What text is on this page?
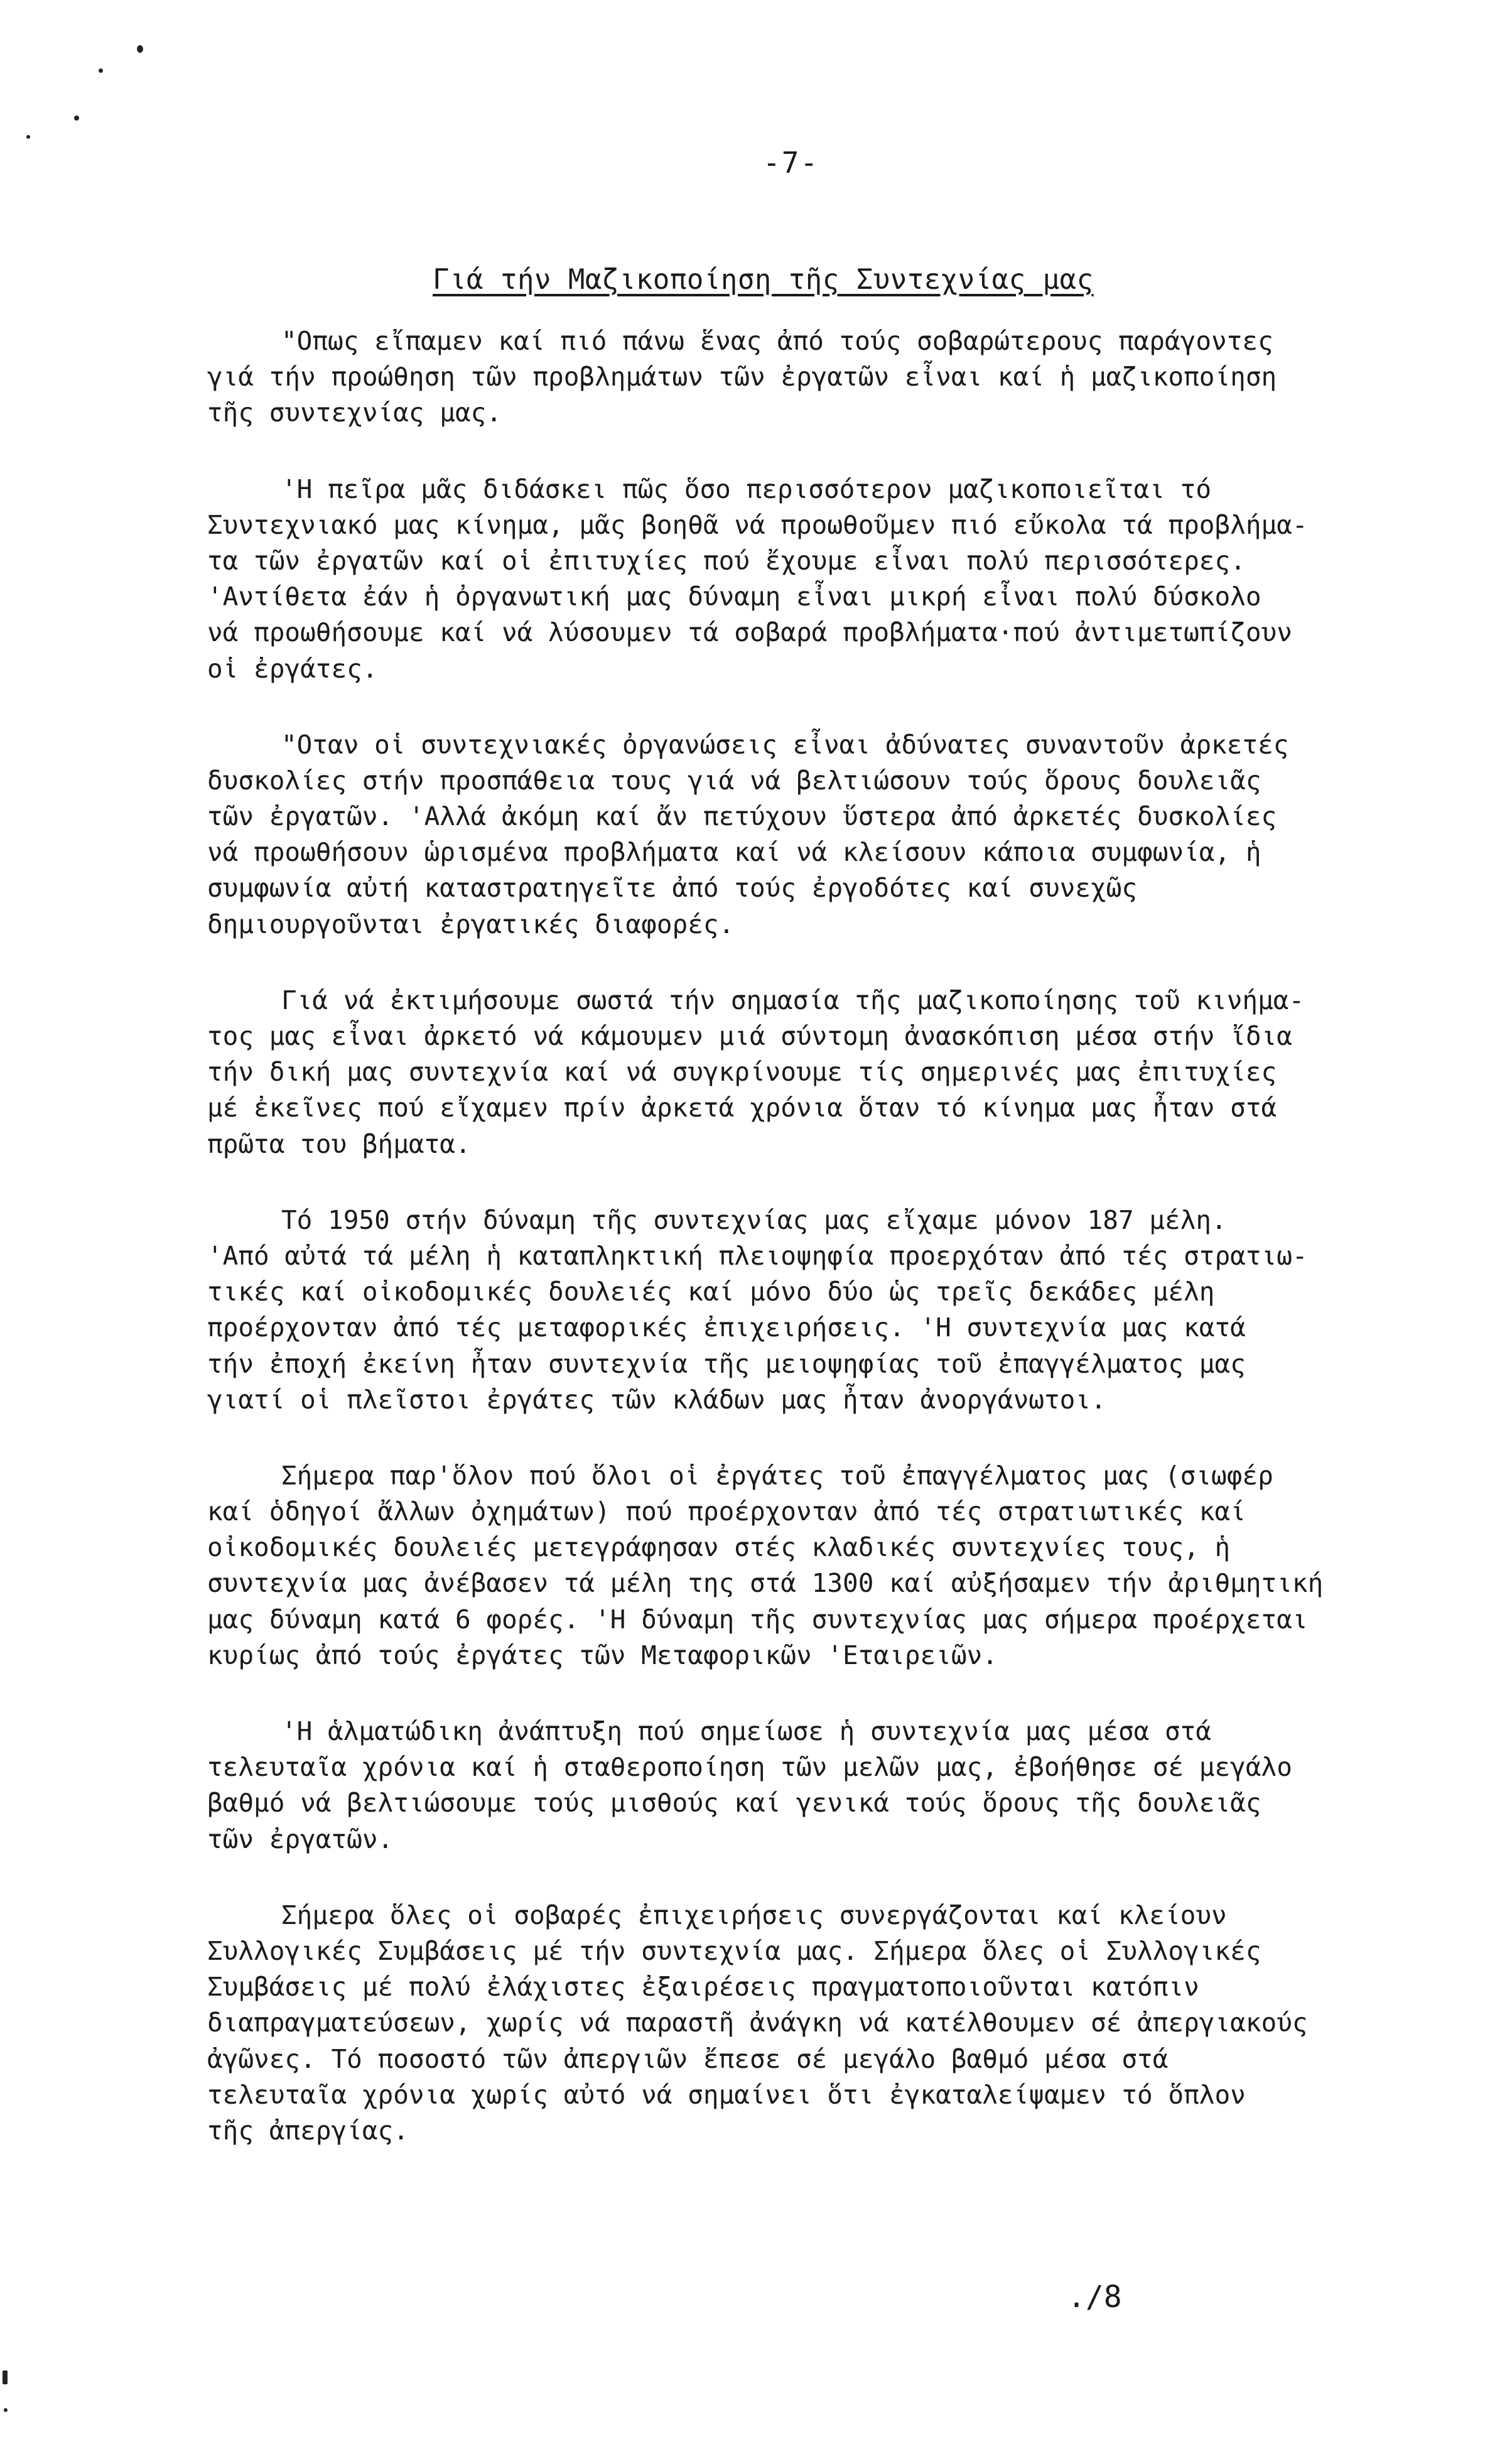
-7-
Γιά τήν Μαζικοποίηση τῆς Συντεχνίας μας
"Οπως εἴπαμεν καί πιό πάνω ἕνας ἀπό τούς σοβαρώτερους παράγοντες
γιά τήν προώθηση τῶν προβλημάτων τῶν ἐργατῶν εἶναι καί ἡ μαζικοποίηση
τῆς συντεχνίας μας.
'Η πεῖρα μᾶς διδάσκει πῶς ὅσο περισσότερον μαζικοποιεῖται τό
Συντεχνιακό μας κίνημα, μᾶς βοηθᾶ νά προωθοῦμεν πιό εὔκολα τά προβλήμα-
τα τῶν ἐργατῶν καί οἱ ἐπιτυχίες πού ἔχουμε εἶναι πολύ περισσότερες.
'Αντίθετα ἐάν ἡ ὀργανωτική μας δύναμη εἶναι μικρή εἶναι πολύ δύσκολο
νά προωθήσουμε καί νά λύσουμεν τά σοβαρά προβλήματα·πού ἀντιμετωπίζουν
οἱ ἐργάτες.
"Οταν οἱ συντεχνιακές ὀργανώσεις εἶναι ἀδύνατες συναντοῦν ἀρκετές
δυσκολίες στήν προσπάθεια τους γιά νά βελτιώσουν τούς ὅρους δουλειᾶς
τῶν ἐργατῶν. 'Αλλά ἀκόμη καί ἄν πετύχουν ὕστερα ἀπό ἀρκετές δυσκολίες
νά προωθήσουν ὡρισμένα προβλήματα καί νά κλείσουν κάποια συμφωνία, ἡ
συμφωνία αὐτή καταστρατηγεῖτε ἀπό τούς ἐργοδότες καί συνεχῶς
δημιουργοῦνται ἐργατικές διαφορές.
Γιά νά ἐκτιμήσουμε σωστά τήν σημασία τῆς μαζικοποίησης τοῦ κινήμα-
τος μας εἶναι ἀρκετό νά κάμουμεν μιά σύντομη ἀνασκόπιση μέσα στήν ἴδια
τήν δική μας συντεχνία καί νά συγκρίνουμε τίς σημερινές μας ἐπιτυχίες
μέ ἐκεῖνες πού εἴχαμεν πρίν ἀρκετά χρόνια ὅταν τό κίνημα μας ἦταν στά
πρῶτα του βήματα.
Τό 1950 στήν δύναμη τῆς συντεχνίας μας εἴχαμε μόνον 187 μέλη.
'Από αὐτά τά μέλη ἡ καταπληκτική πλειοψηφία προερχόταν ἀπό τές στρατιω-
τικές καί οἰκοδομικές δουλειές καί μόνο δύο ὡς τρεῖς δεκάδες μέλη
προέρχονταν ἀπό τές μεταφορικές ἐπιχειρήσεις. 'Η συντεχνία μας κατά
τήν ἐποχή ἐκείνη ἦταν συντεχνία τῆς μειοψηφίας τοῦ ἐπαγγέλματος μας
γιατί οἱ πλεῖστοι ἐργάτες τῶν κλάδων μας ἦταν ἀνοργάνωτοι.
Σήμερα παρ'ὅλον πού ὅλοι οἱ ἐργάτες τοῦ ἐπαγγέλματος μας (σιωφέρ
καί ὁδηγοί ἄλλων ὀχημάτων) πού προέρχονταν ἀπό τές στρατιωτικές καί
οἰκοδομικές δουλειές μετεγράφησαν στές κλαδικές συντεχνίες τους, ἡ
συντεχνία μας ἀνέβασεν τά μέλη της στά 1300 καί αὐξήσαμεν τήν ἀριθμητική
μας δύναμη κατά 6 φορές. 'Η δύναμη τῆς συντεχνίας μας σήμερα προέρχεται
κυρίως ἀπό τούς ἐργάτες τῶν Μεταφορικῶν 'Εταιρειῶν.
'Η ἁλματώδικη ἀνάπτυξη πού σημείωσε ἡ συντεχνία μας μέσα στά
τελευταῖα χρόνια καί ἡ σταθεροποίηση τῶν μελῶν μας, ἐβοήθησε σέ μεγάλο
βαθμό νά βελτιώσουμε τούς μισθούς καί γενικά τούς ὅρους τῆς δουλειᾶς
τῶν ἐργατῶν.
Σήμερα ὅλες οἱ σοβαρές ἐπιχειρήσεις συνεργάζονται καί κλείουν
Συλλογικές Συμβάσεις μέ τήν συντεχνία μας. Σήμερα ὅλες οἱ Συλλογικές
Συμβάσεις μέ πολύ ἐλάχιστες ἐξαιρέσεις πραγματοποιοῦνται κατόπιν
διαπραγματεύσεων, χωρίς νά παραστῆ ἀνάγκη νά κατέλθουμεν σέ ἀπεργιακούς
ἀγῶνες. Τό ποσοστό τῶν ἀπεργιῶν ἔπεσε σέ μεγάλο βαθμό μέσα στά
τελευταῖα χρόνια χωρίς αὐτό νά σημαίνει ὅτι ἐγκαταλείψαμεν τό ὅπλον
τῆς ἀπεργίας.
./8
